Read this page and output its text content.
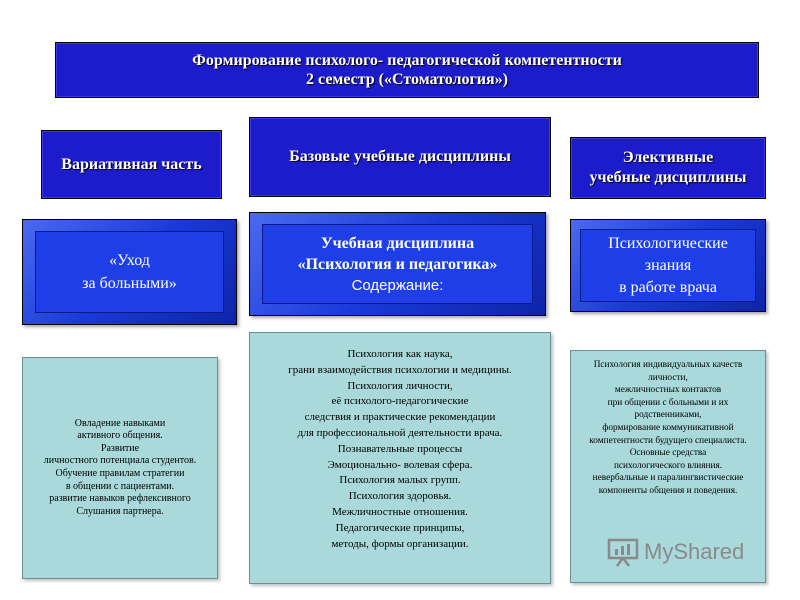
Формирование психолого- педагогической компетентности
2 семестр («Стоматология»)
Вариативная часть	Базовые учебные дисциплины	Элективные
учебные дисциплины
«Уход
за больными»
Учебная дисциплина
«Психология и педагогика»
Содержание:
Психологические
знания
в работе врача
Овладение навыками
активного общения.
Развитие
личностного потенциала студентов.
Обучение правилам стратегии
в общении с пациентами.
развитие навыков рефлексивного
Слушания партнера.
Психология как наука,
грани взаимодействия психологии и медицины.
Психология личности,
её психолого-педагогические
следствия и практические рекомендации
для профессиональной деятельности врача.
Познавательные процессы
Эмоционально- волевая сфера.
Психология малых групп.
Психология здоровья.
Межличностные отношения.
Педагогические принципы,
методы, формы организации.
Психология индивидуальных качеств
личности,
межличностных контактов
при общении с больными и их
родственниками,
формирование коммуникативной
компетентности будущего специалиста.
Основные средства
психологического влияния.
невербальные и паралингвистические
компоненты общения и поведения.
MyShared
